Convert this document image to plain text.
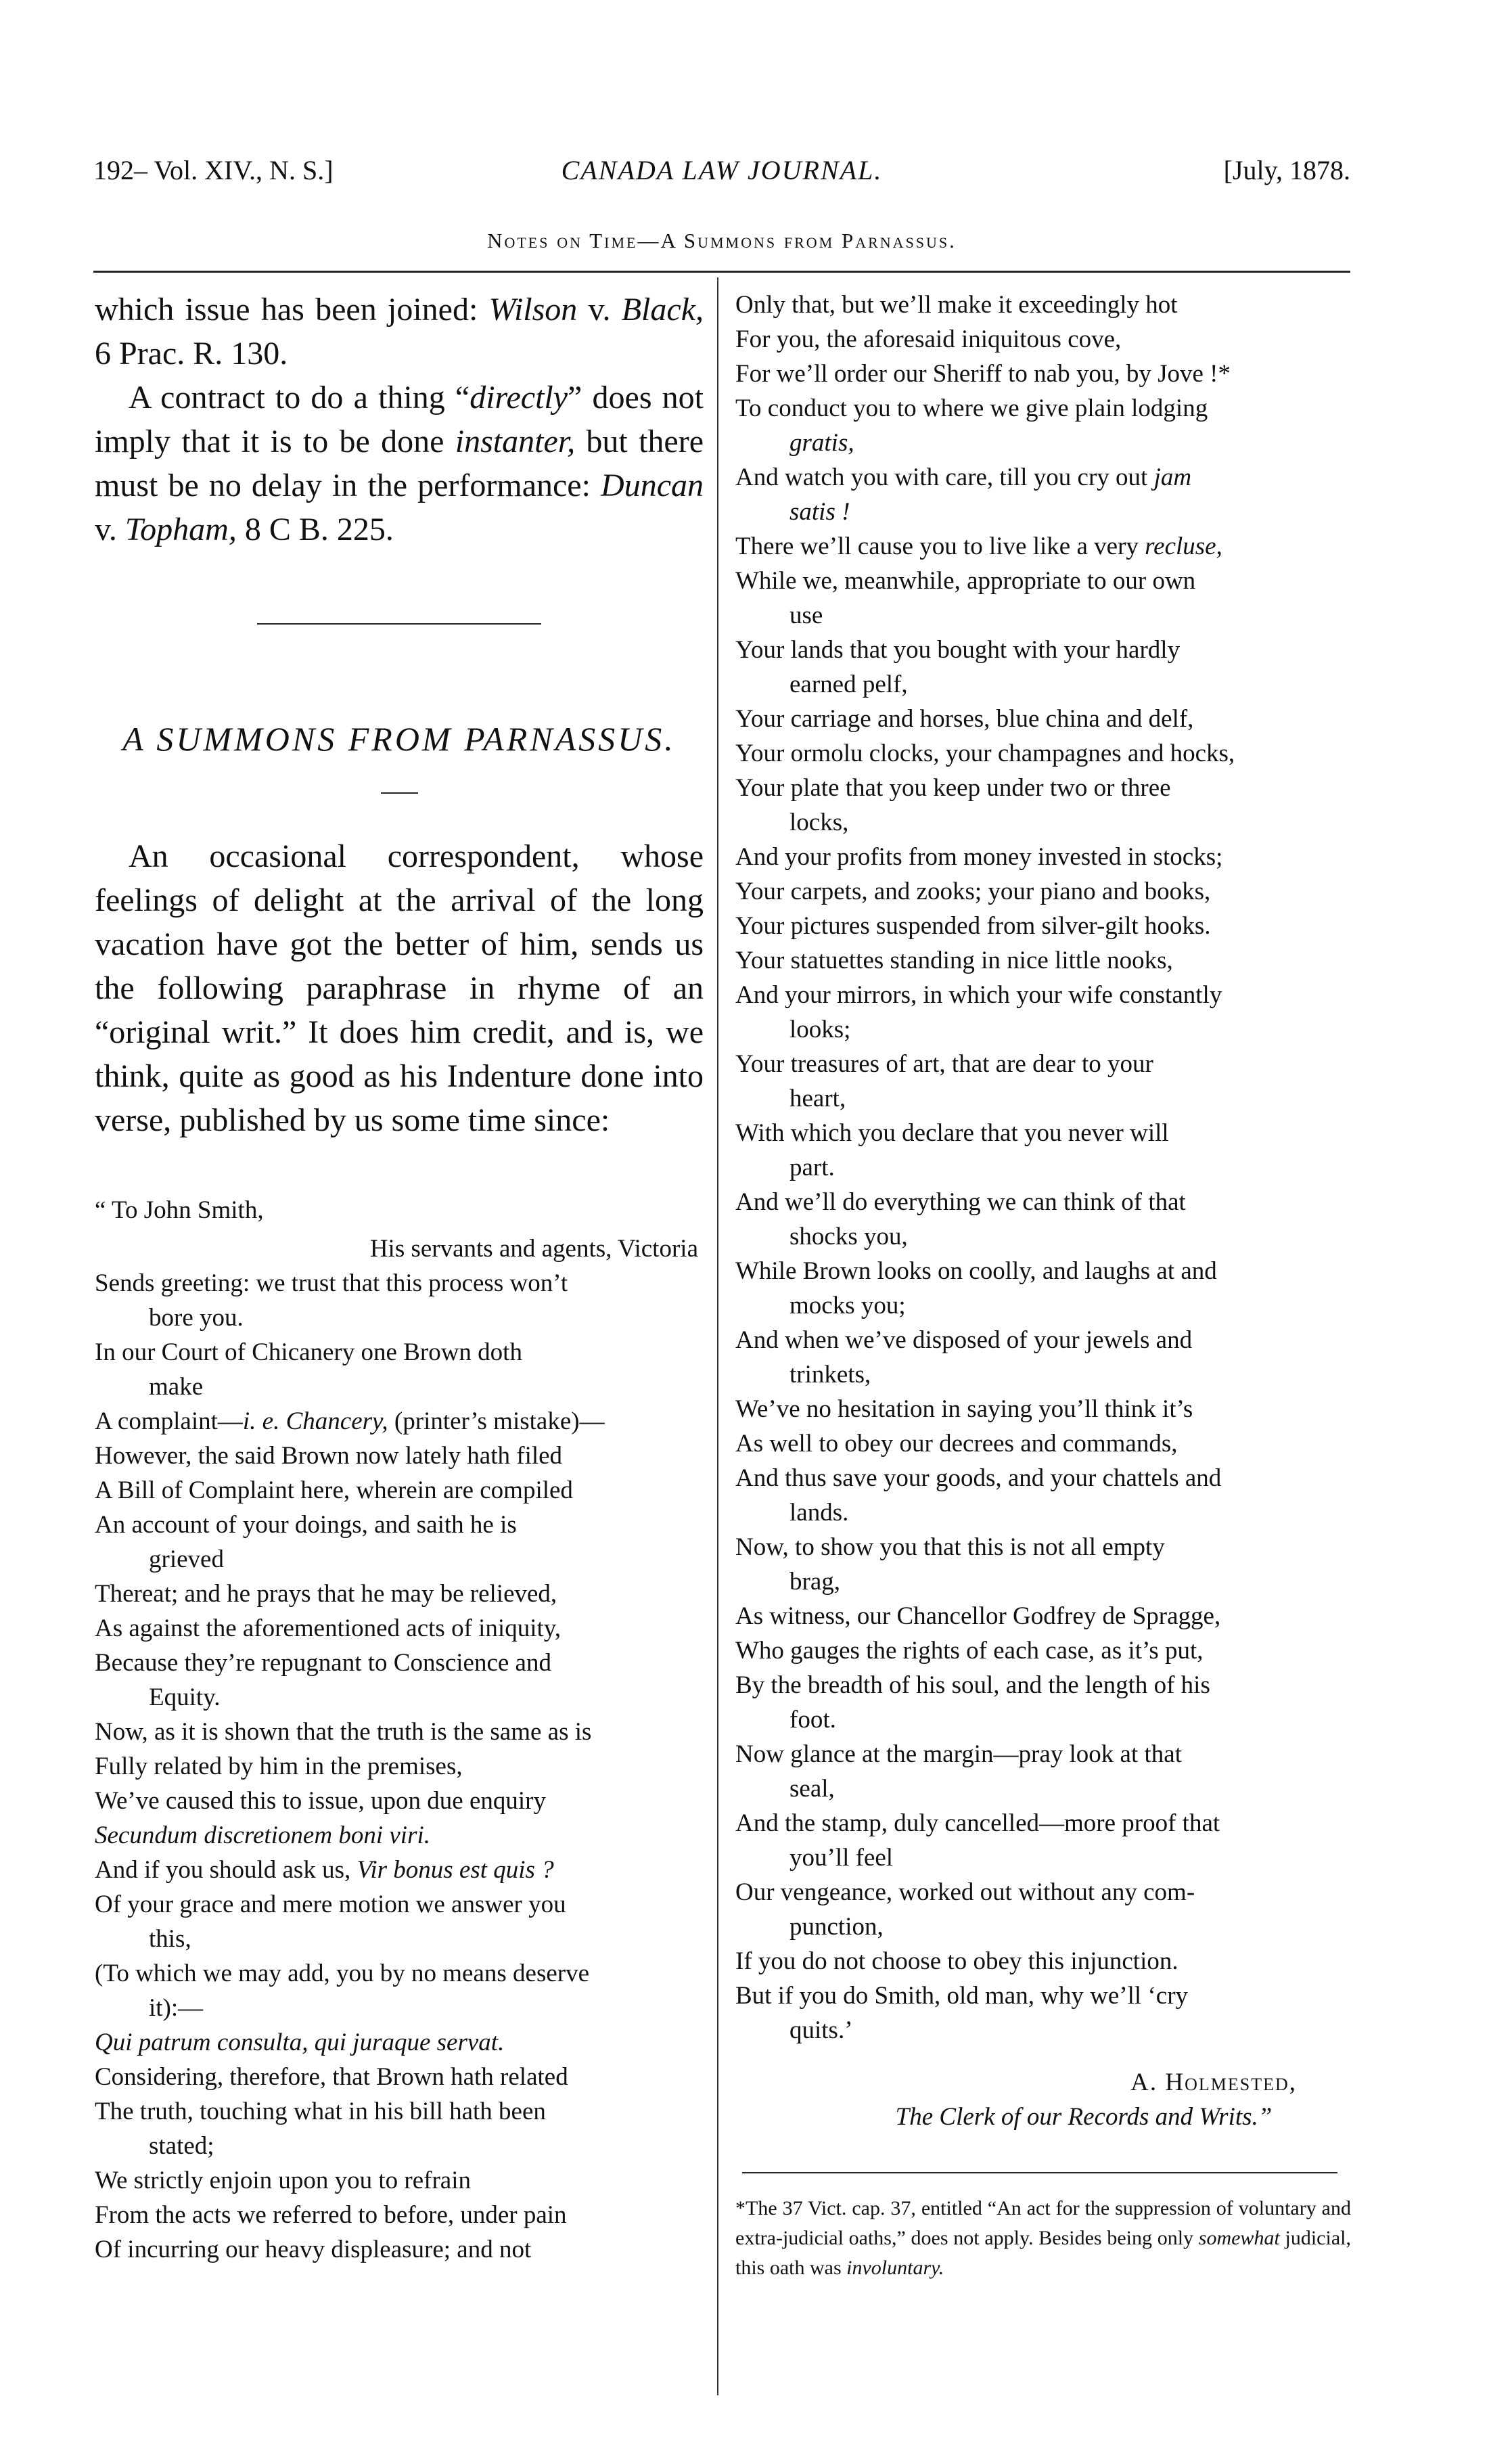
192– Vol. XIV., N. S.]	CANADA LAW JOURNAL.	[July, 1878.
Notes on Time—A Summons from Parnassus.

which issue has been joined: Wilson v. Black, 6 Prac. R. 130.

A contract to do a thing “directly” does not imply that it is to be done instanter, but there must be no delay in the performance: Duncan v. Topham, 8 C B. 225.

A SUMMONS FROM PARNASSUS.
An occasional correspondent, whose feelings of delight at the arrival of the long vacation have got the better of him, sends us the following paraphrase in rhyme of an “original writ.” It does him credit, and is, we think, quite as good as his Indenture done into verse, published by us some time since:
“ To John Smith,
His servants and agents, Victoria
Sends greeting: we trust that this process won’t
bore you.
In our Court of Chicanery one Brown doth
make
A complaint—i. e. Chancery, (printer’s mistake)—
However, the said Brown now lately hath filed
A Bill of Complaint here, wherein are compiled
An account of your doings, and saith he is
grieved
Thereat; and he prays that he may be relieved,
As against the aforementioned acts of iniquity,
Because they’re repugnant to Conscience and
Equity.
Now, as it is shown that the truth is the same as is
Fully related by him in the premises,
We’ve caused this to issue, upon due enquiry
Secundum discretionem boni viri.
And if you should ask us, Vir bonus est quis ?
Of your grace and mere motion we answer you
this,
(To which we may add, you by no means deserve
it):—
Qui patrum consulta, qui juraque servat.
Considering, therefore, that Brown hath related
The truth, touching what in his bill hath been
stated;
We strictly enjoin upon you to refrain
From the acts we referred to before, under pain
Of incurring our heavy displeasure; and not
Only that, but we’ll make it exceedingly hot
For you, the aforesaid iniquitous cove,
For we’ll order our Sheriff to nab you, by Jove !*
To conduct you to where we give plain lodging
gratis,
And watch you with care, till you cry out jam
satis !
There we’ll cause you to live like a very recluse,
While we, meanwhile, appropriate to our own
use
Your lands that you bought with your hardly
earned pelf,
Your carriage and horses, blue china and delf,
Your ormolu clocks, your champagnes and hocks,
Your plate that you keep under two or three
locks,
And your profits from money invested in stocks;
Your carpets, and zooks; your piano and books,
Your pictures suspended from silver-gilt hooks.
Your statuettes standing in nice little nooks,
And your mirrors, in which your wife constantly
looks;
Your treasures of art, that are dear to your
heart,
With which you declare that you never will
part.
And we’ll do everything we can think of that
shocks you,
While Brown looks on coolly, and laughs at and
mocks you;
And when we’ve disposed of your jewels and
trinkets,
We’ve no hesitation in saying you’ll think it’s
As well to obey our decrees and commands,
And thus save your goods, and your chattels and
lands.
Now, to show you that this is not all empty
brag,
As witness, our Chancellor Godfrey de Spragge,
Who gauges the rights of each case, as it’s put,
By the breadth of his soul, and the length of his
foot.
Now glance at the margin—pray look at that
seal,
And the stamp, duly cancelled—more proof that
you’ll feel
Our vengeance, worked out without any com-
punction,
If you do not choose to obey this injunction.
But if you do Smith, old man, why we’ll ‘cry
quits.’
A. Holmested,
The Clerk of our Records and Writs.”
*The 37 Vict. cap. 37, entitled “An act for the suppression of voluntary and extra-judicial oaths,” does not apply. Besides being only somewhat judicial, this oath was involuntary.
